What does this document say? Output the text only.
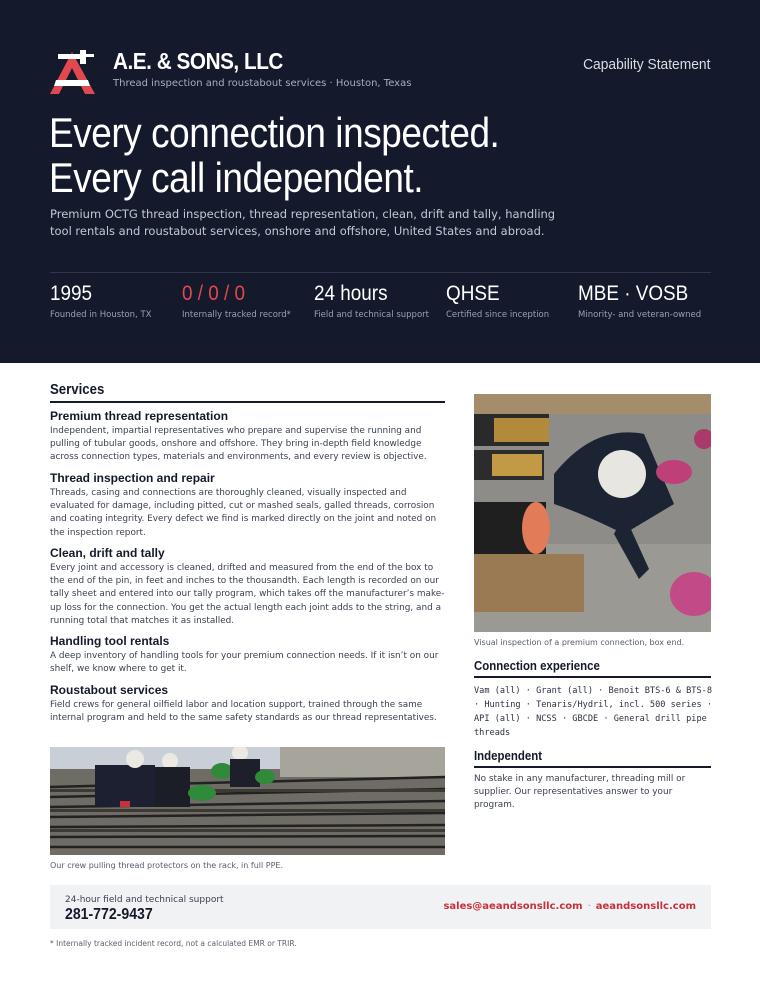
A.E. & SONS, LLC
Thread inspection and roustabout services · Houston, Texas
Capability Statement
Every connection inspected.
Every call independent.

Premium OCTG thread inspection, thread representation, clean, drift and tally, handling tool rentals and roustabout services, onshore and offshore, United States and abroad.

1995
Founded in Houston, TX
0 / 0 / 0
Internally tracked record*
24 hours
Field and technical support
QHSE
Certified since inception
MBE · VOSB
Minority- and veteran-owned
Services
Premium thread representation

Independent, impartial representatives who prepare and supervise the running and pulling of tubular goods, onshore and offshore. They bring in-depth field knowledge across connection types, materials and environments, and every review is objective.

Thread inspection and repair

Threads, casing and connections are thoroughly cleaned, visually inspected and evaluated for damage, including pitted, cut or mashed seals, galled threads, corrosion and coating integrity. Every defect we find is marked directly on the joint and noted on the inspection report.

Clean, drift and tally

Every joint and accessory is cleaned, drifted and measured from the end of the box to the end of the pin, in feet and inches to the thousandth. Each length is recorded on our tally sheet and entered into our tally program, which takes off the manufacturer’s make-up loss for the connection. You get the actual length each joint adds to the string, and a running total that matches it as installed.

Handling tool rentals

A deep inventory of handling tools for your premium connection needs. If it isn’t on our shelf, we know where to get it.

Roustabout services

Field crews for general oilfield labor and location support, trained through the same internal program and held to the same safety standards as our thread representatives.

Our crew pulling thread protectors on the rack, in full PPE.
Visual inspection of a premium connection, box end.
Connection experience
Vam (all) · Grant (all) · Benoit BTS-6 & BTS-8 · Hunting · Tenaris/Hydril, incl. 500 series · API (all) · NCSS · GBCDE · General drill pipe threads
Independent

No stake in any manufacturer, threading mill or supplier. Our representatives answer to your program.

24-hour field and technical support
281-772-9437	sales@aeandsonsllc.com · aeandsonsllc.com
* Internally tracked incident record, not a calculated EMR or TRIR.
